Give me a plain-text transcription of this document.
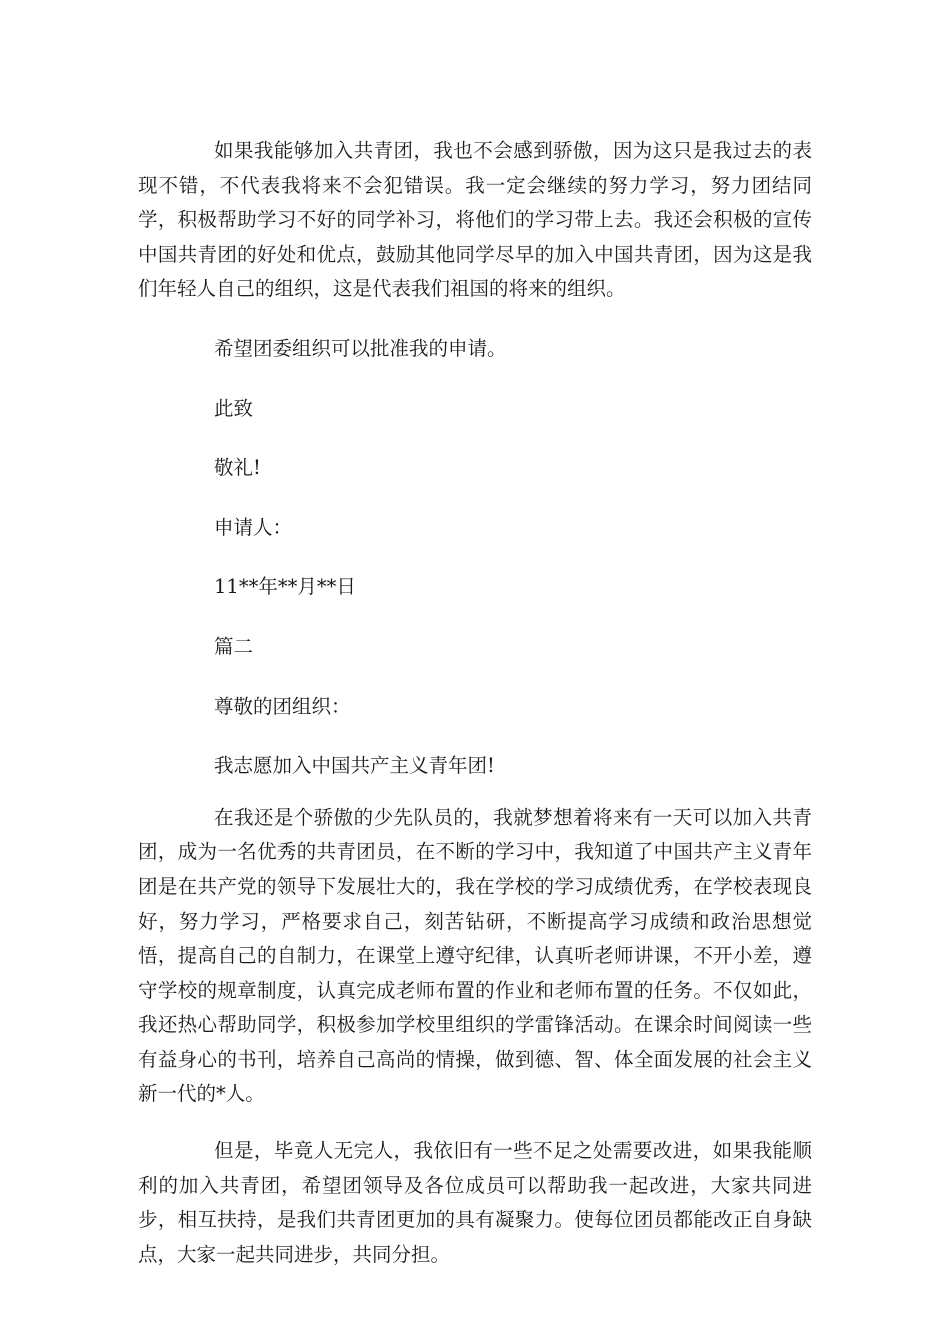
如果我能够加入共青团，我也不会感到骄傲，因为这只是我过去的表现不错，不代表我将来不会犯错误。我一定会继续的努力学习，努力团结同学，积极帮助学习不好的同学补习，将他们的学习带上去。我还会积极的宣传中国共青团的好处和优点，鼓励其他同学尽早的加入中国共青团，因为这是我们年轻人自己的组织，这是代表我们祖国的将来的组织。

希望团委组织可以批准我的申请。

此致

敬礼!

申请人：

11**年**月**日

篇二

尊敬的团组织：

我志愿加入中国共产主义青年团!

在我还是个骄傲的少先队员的，我就梦想着将来有一天可以加入共青团，成为一名优秀的共青团员，在不断的学习中，我知道了中国共产主义青年团是在共产党的领导下发展壮大的，我在学校的学习成绩优秀，在学校表现良好，努力学习，严格要求自己，刻苦钻研，不断提高学习成绩和政治思想觉悟，提高自己的自制力，在课堂上遵守纪律，认真听老师讲课，不开小差，遵守学校的规章制度，认真完成老师布置的作业和老师布置的任务。不仅如此，我还热心帮助同学，积极参加学校里组织的学雷锋活动。在课余时间阅读一些有益身心的书刊，培养自己高尚的情操，做到德、智、体全面发展的社会主义新一代的*人。

但是，毕竟人无完人，我依旧有一些不足之处需要改进，如果我能顺利的加入共青团，希望团领导及各位成员可以帮助我一起改进，大家共同进步，相互扶持，是我们共青团更加的具有凝聚力。使每位团员都能改正自身缺点，大家一起共同进步，共同分担。
